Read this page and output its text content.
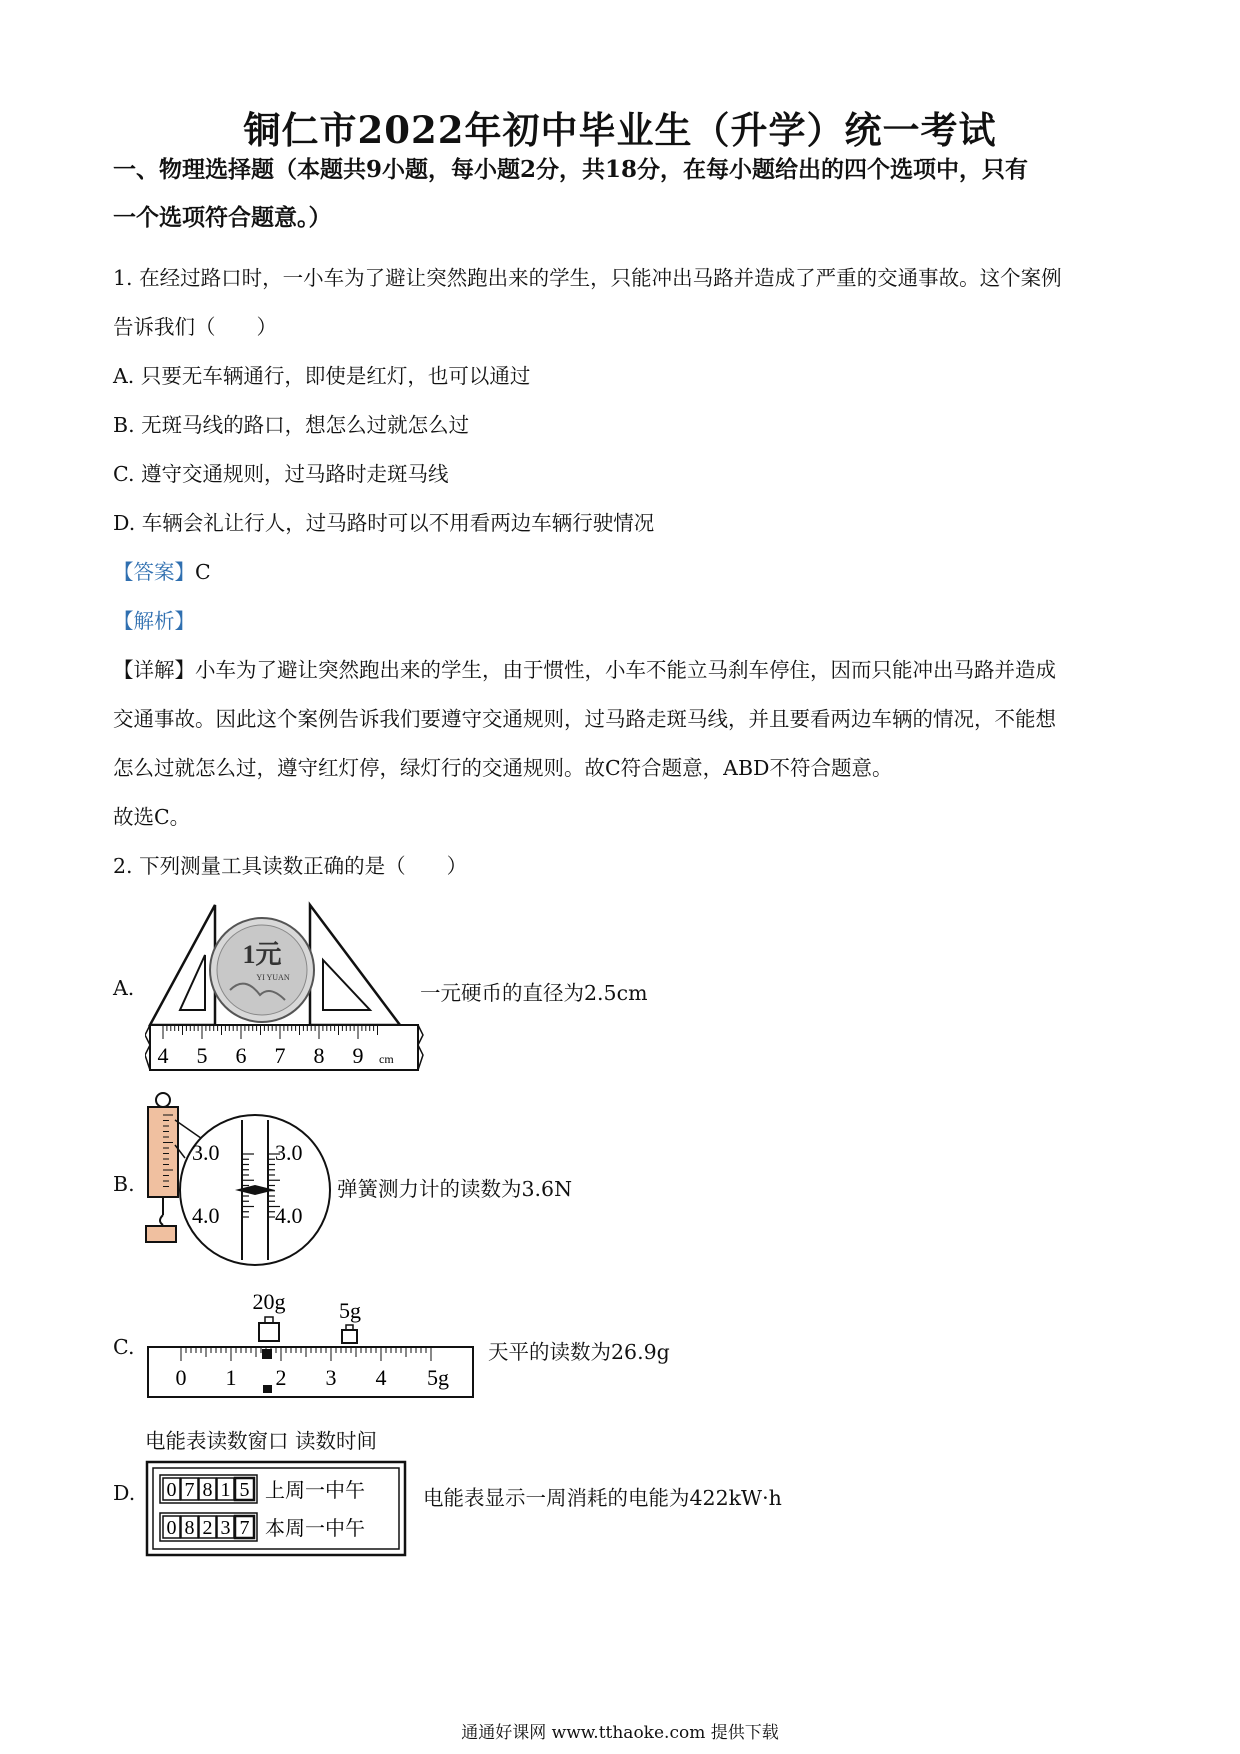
铜仁市2022年初中毕业生（升学）统一考试
一、物理选择题（本题共9小题，每小题2分，共18分，在每小题给出的四个选项中，只有
一个选项符合题意。）
1. 在经过路口时，一小车为了避让突然跑出来的学生，只能冲出马路并造成了严重的交通事故。这个案例
告诉我们（　　）
A. 只要无车辆通行，即使是红灯，也可以通过
B. 无斑马线的路口，想怎么过就怎么过
C. 遵守交通规则，过马路时走斑马线
D. 车辆会礼让行人，过马路时可以不用看两边车辆行驶情况
【答案】C
【解析】
【详解】小车为了避让突然跑出来的学生，由于惯性，小车不能立马刹车停住，因而只能冲出马路并造成
交通事故。因此这个案例告诉我们要遵守交通规则，过马路走斑马线，并且要看两边车辆的情况，不能想
怎么过就怎么过，遵守红灯停，绿灯行的交通规则。故C符合题意，ABD不符合题意。
故选C。
2. 下列测量工具读数正确的是（　　）
A.
1元
YI YUAN
4 5 6 7 8 9 cm
一元硬币的直径为2.5cm
B.
3.0	3.0
4.0	4.0
弹簧测力计的读数为3.6N
C.
20g 5g
0 1 2 3 4 5g
天平的读数为26.9g
电能表读数窗口 读数时间
D. 0 7 8 1 5 上周一中午
0 8 2 3 7 本周一中午
电能表显示一周消耗的电能为422kW·h
通通好课网 www.tthaoke.com 提供下载
